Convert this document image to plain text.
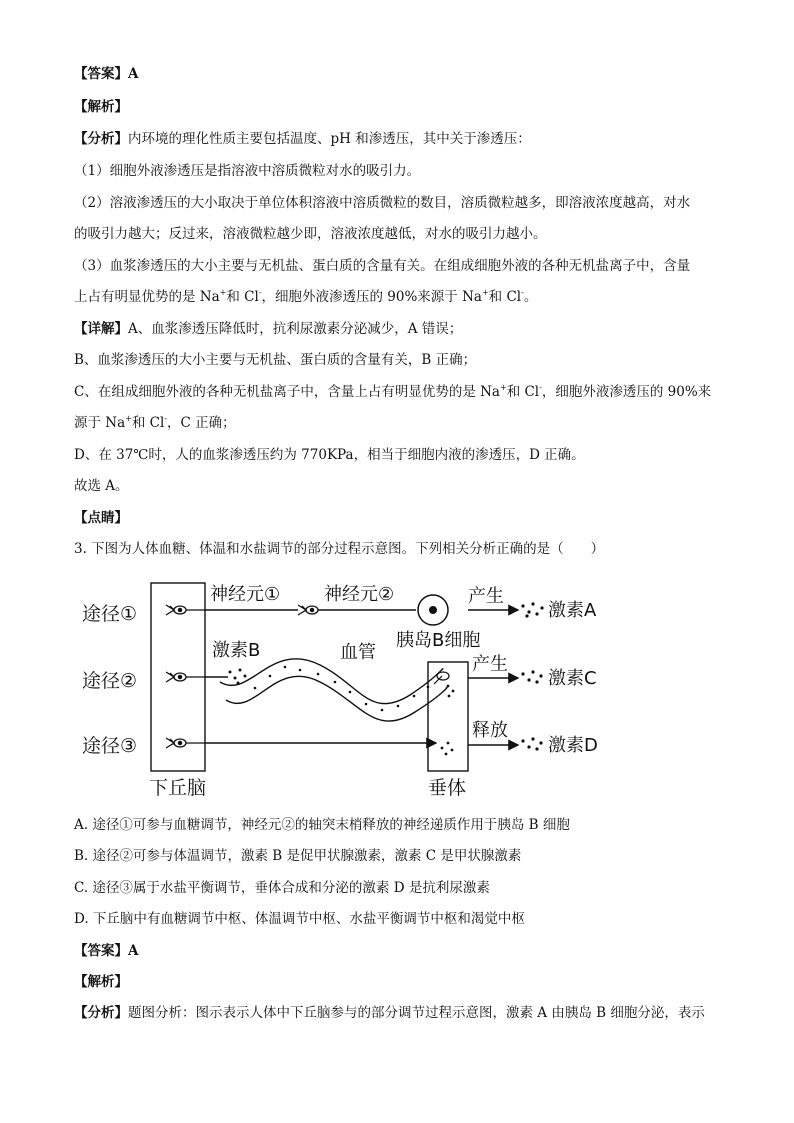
【答案】A
【解析】
【分析】内环境的理化性质主要包括温度、pH 和渗透压，其中关于渗透压：
（1）细胞外液渗透压是指溶液中溶质微粒对水的吸引力。
（2）溶液渗透压的大小取决于单位体积溶液中溶质微粒的数目，溶质微粒越多，即溶液浓度越高，对水
的吸引力越大；反过来，溶液微粒越少即，溶液浓度越低，对水的吸引力越小。
（3）血浆渗透压的大小主要与无机盐、蛋白质的含量有关。在组成细胞外液的各种无机盐离子中，含量
上占有明显优势的是 Na+和 Cl-，细胞外液渗透压的 90%来源于 Na+和 Cl-。
【详解】A、血浆渗透压降低时，抗利尿激素分泌减少，A 错误；
B、血浆渗透压的大小主要与无机盐、蛋白质的含量有关，B 正确；
C、在组成细胞外液的各种无机盐离子中，含量上占有明显优势的是 Na+和 Cl-，细胞外液渗透压的 90%来
源于 Na+和 Cl-，C 正确；
D、在 37℃时，人的血浆渗透压约为 770KPa，相当于细胞内液的渗透压，D 正确。
故选 A。
【点睛】
3. 下图为人体血糖、体温和水盐调节的部分过程示意图。下列相关分析正确的是（　　）
途径①
途径②
途径③
下丘脑
神经元① 神经元②
胰岛B细胞
产生
激素A
激素B	血管
垂体
产生
激素C
释放
激素D
A. 途径①可参与血糖调节，神经元②的轴突末梢释放的神经递质作用于胰岛 B 细胞
B. 途径②可参与体温调节，激素 B 是促甲状腺激素，激素 C 是甲状腺激素
C. 途径③属于水盐平衡调节，垂体合成和分泌的激素 D 是抗利尿激素
D. 下丘脑中有血糖调节中枢、体温调节中枢、水盐平衡调节中枢和渴觉中枢
【答案】A
【解析】
【分析】题图分析：图示表示人体中下丘脑参与的部分调节过程示意图，激素 A 由胰岛 B 细胞分泌，表示
